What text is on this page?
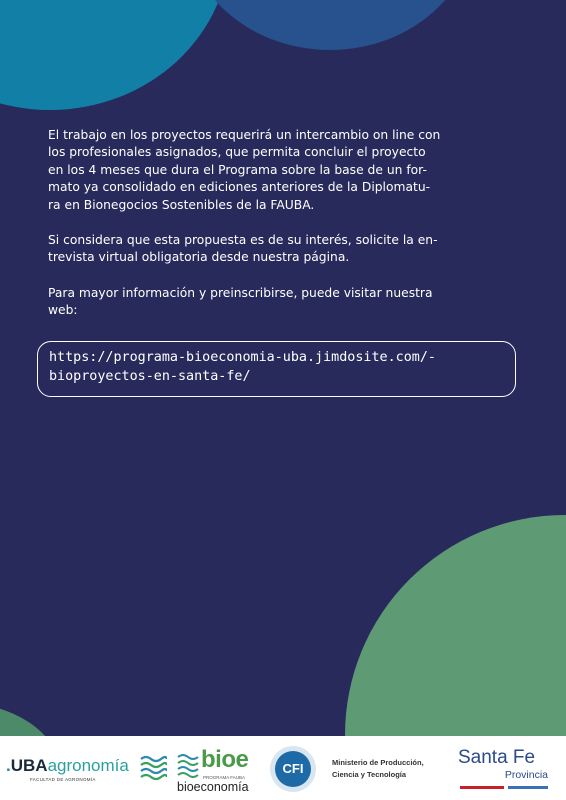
El trabajo en los proyectos requerirá un intercambio on line con
los profesionales asignados, que permita concluir el proyecto
en los 4 meses que dura el Programa sobre la base de un for-
mato ya consolidado en ediciones anteriores de la Diplomatu-
ra en Bionegocios Sostenibles de la FAUBA.

Si considera que esta propuesta es de su interés, solicite la en-
trevista virtual obligatoria desde nuestra página.

Para mayor información y preinscribirse, puede visitar nuestra
web:

https://programa-bioeconomia-uba.jimdosite.com/-
bioproyectos-en-santa-fe/
.UBAagronomía
FACULTAD DE AGRONOMÍA
bioe
PROGRAMA FAUBA
bioeconomía
CFI	Ministerio de Producción,
Ciencia y Tecnología
Santa Fe
Provincia
